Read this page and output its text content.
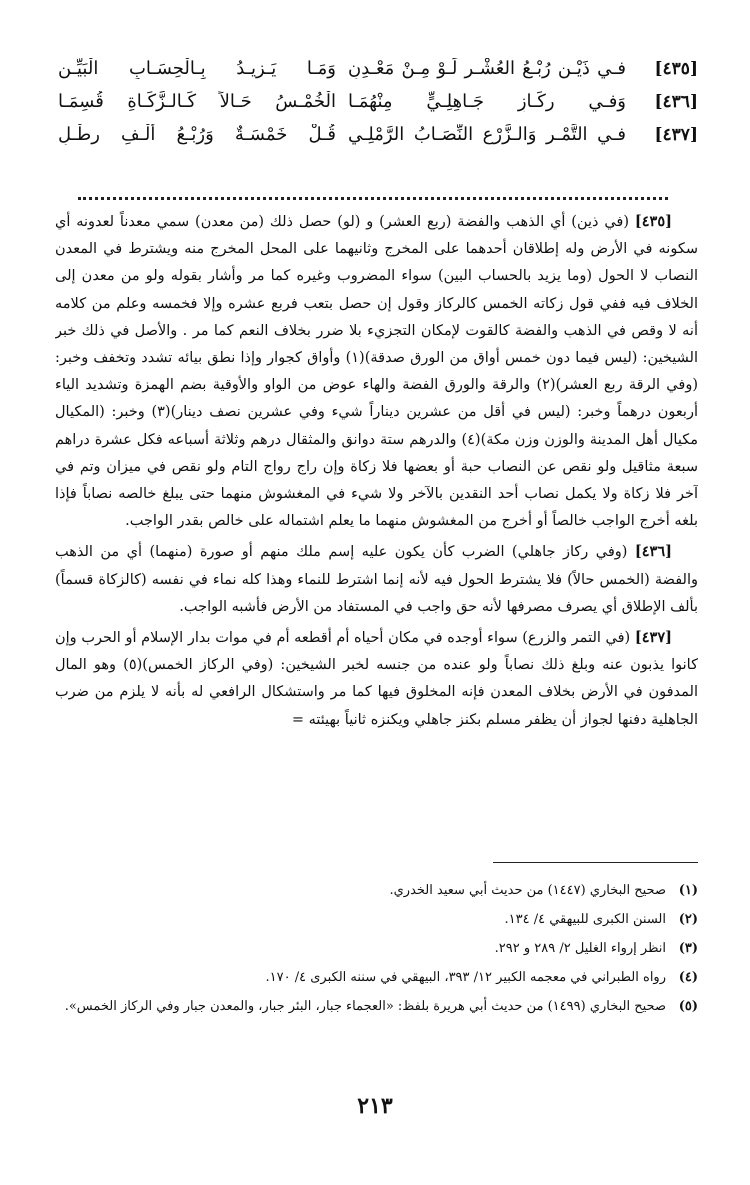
[٤٣٥]
فـي ذَيْـنِ رُبْـعُ العُشْـرِ لَـوْ مِـنْ مَعْـدِنِ
وَمَـا يَـزِيـدُ بِـالْحِسَـابِ الْبَيِّـنِ
[٤٣٦]
وَفـي رِكَـازٍ جَـاهِلِـيٍّ مِنْهُمَـا
الْخُمْـسُ حَـالاً كَـالـزَّكَـاةِ قُسِمَـا
[٤٣٧]
فـي التَّمْـرِ وَالـزَّرْعِ النِّصَـابُ الرَّمْلِـي
قُـلْ خَمْسَـةٌ وَرُبْـعُ أَلْـفِ رِطْـلِ

[٤٣٥] (في ذين) أي الذهب والفضة (ربع العشر) و (لو) حصل ذلك (من معدن) سمي معدناً لعدونه أي سكونه في الأرض وله إطلاقان أحدهما على المخرج وثانيهما على المحل المخرج منه ويشترط في المعدن النصاب لا الحول (وما يزيد بالحساب البين) سواء المضروب وغيره كما مر وأشار بقوله ولو من معدن إلى الخلاف فيه ففي قول زكاته الخمس كالركاز وقول إن حصل بتعب فربع عشره وإلا فخمسه وعلم من كلامه أنه لا وقص في الذهب والفضة كالقوت لإمكان التجزيء بلا ضرر بخلاف النعم كما مر . والأصل في ذلك خبر الشيخين: (ليس فيما دون خمس أواق من الورق صدقة)(١) وأواق كجوار وإذا نطق بيائه تشدد وتخفف وخبر: (وفي الرقة ربع العشر)(٢) والرقة والورق الفضة والهاء عوض من الواو والأوقية بضم الهمزة وتشديد الياء أربعون درهماً وخبر: (ليس في أقل من عشرين ديناراً شيء وفي عشرين نصف دينار)(٣) وخبر: (المكيال مكيال أهل المدينة والوزن وزن مكة)(٤) والدرهم ستة دوانق والمثقال درهم وثلاثة أسباعه فكل عشرة دراهم سبعة مثاقيل ولو نقص عن النصاب حبة أو بعضها فلا زكاة وإن راج رواج التام ولو نقص في ميزان وتم في آخر فلا زكاة ولا يكمل نصاب أحد النقدين بالآخر ولا شيء في المغشوش منهما حتى يبلغ خالصه نصاباً فإذا بلغه أخرج الواجب خالصاً أو أخرج من المغشوش منهما ما يعلم اشتماله على خالص بقدر الواجب.

[٤٣٦] (وفي ركاز جاهلي) الضرب كأن يكون عليه إسم ملك منهم أو صورة (منهما) أي من الذهب والفضة (الخمس حالاً) فلا يشترط الحول فيه لأنه إنما اشترط للنماء وهذا كله نماء في نفسه (كالزكاة قسماً) بألف الإطلاق أي يصرف مصرفها لأنه حق واجب في المستفاد من الأرض فأشبه الواجب.

[٤٣٧] (في التمر والزرع) سواء أوجده في مكان أحياه أم أقطعه أم في موات بدار الإسلام أو الحرب وإن كانوا يذبون عنه وبلغ ذلك نصاباً ولو عنده من جنسه لخبر الشيخين: (وفي الركاز الخمس)(٥) وهو المال المدفون في الأرض بخلاف المعدن فإنه المخلوق فيها كما مر واستشكال الرافعي له بأنه لا يلزم من ضرب الجاهلية دفنها لجواز أن يظفر مسلم بكنز جاهلي ويكنزه ثانياً بهيئته =

(١)
صحيح البخاري (١٤٤٧) من حديث أبي سعيد الخدري.
(٢)
السنن الكبرى للبيهقي ٤/ ١٣٤.
(٣)
انظر إرواء الغليل ٢/ ٢٨٩ و ٢٩٢.
(٤)
رواه الطبراني في معجمه الكبير ١٢/ ٣٩٣، البيهقي في سننه الكبرى ٤/ ١٧٠.
(٥)
صحيح البخاري (١٤٩٩) من حديث أبي هريرة بلفظ: «العجماء جبار، البئر جبار، والمعدن جبار وفي الركاز الخمس».
٢١٣
